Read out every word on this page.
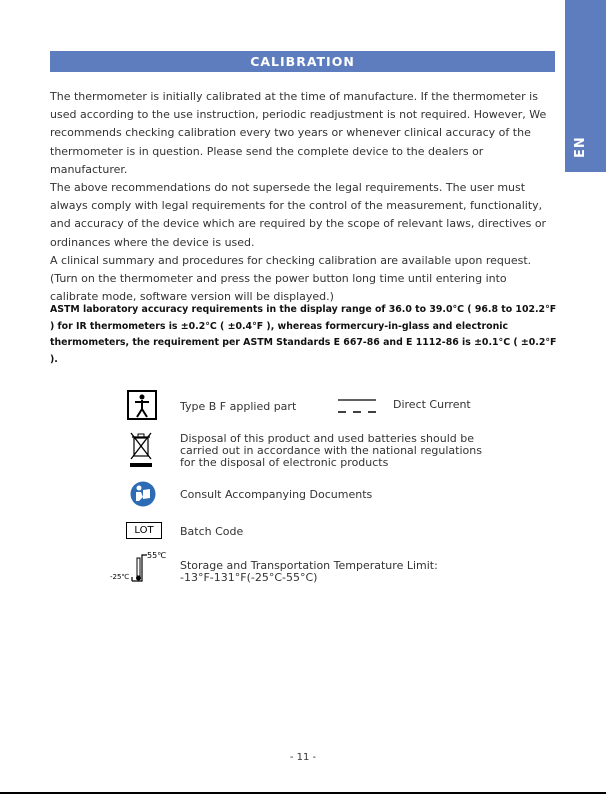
EN
CALIBRATION

The thermometer is initially calibrated at the time of manufacture. If the thermometer is used according to the use instruction, periodic readjustment is not required. However, We recommends checking calibration every two years or whenever clinical accuracy of the thermometer is in question. Please send the complete device to the dealers or manufacturer.

The above recommendations do not supersede the legal requirements. The user must always comply with legal requirements for the control of the measurement, functionality, and accuracy of the device which are required by the scope of relevant laws, directives or ordinances where the device is used.

A clinical summary and procedures for checking calibration are available upon request.(Turn on the thermometer and press the power button long time until entering into calibrate mode, software version will be displayed.)

ASTM laboratory accuracy requirements in the display range of 36.0 to 39.0°C ( 96.8 to 102.2°F ) for IR thermometers is ±0.2°C ( ±0.4°F ), whereas formercury-in-glass and electronic thermometers, the requirement per ASTM Standards E 667-86 and E 1112-86 is ±0.1°C ( ±0.2°F ).
Type B F applied part	Direct Current
Disposal of this product and used batteries should be
carried out in accordance with the national regulations
for the disposal of electronic products
Consult Accompanying Documents
LOT	Batch Code
55℃
-25℃
Storage and Transportation Temperature Limit:
-13°F-131°F(-25°C-55°C)
- 11 -
